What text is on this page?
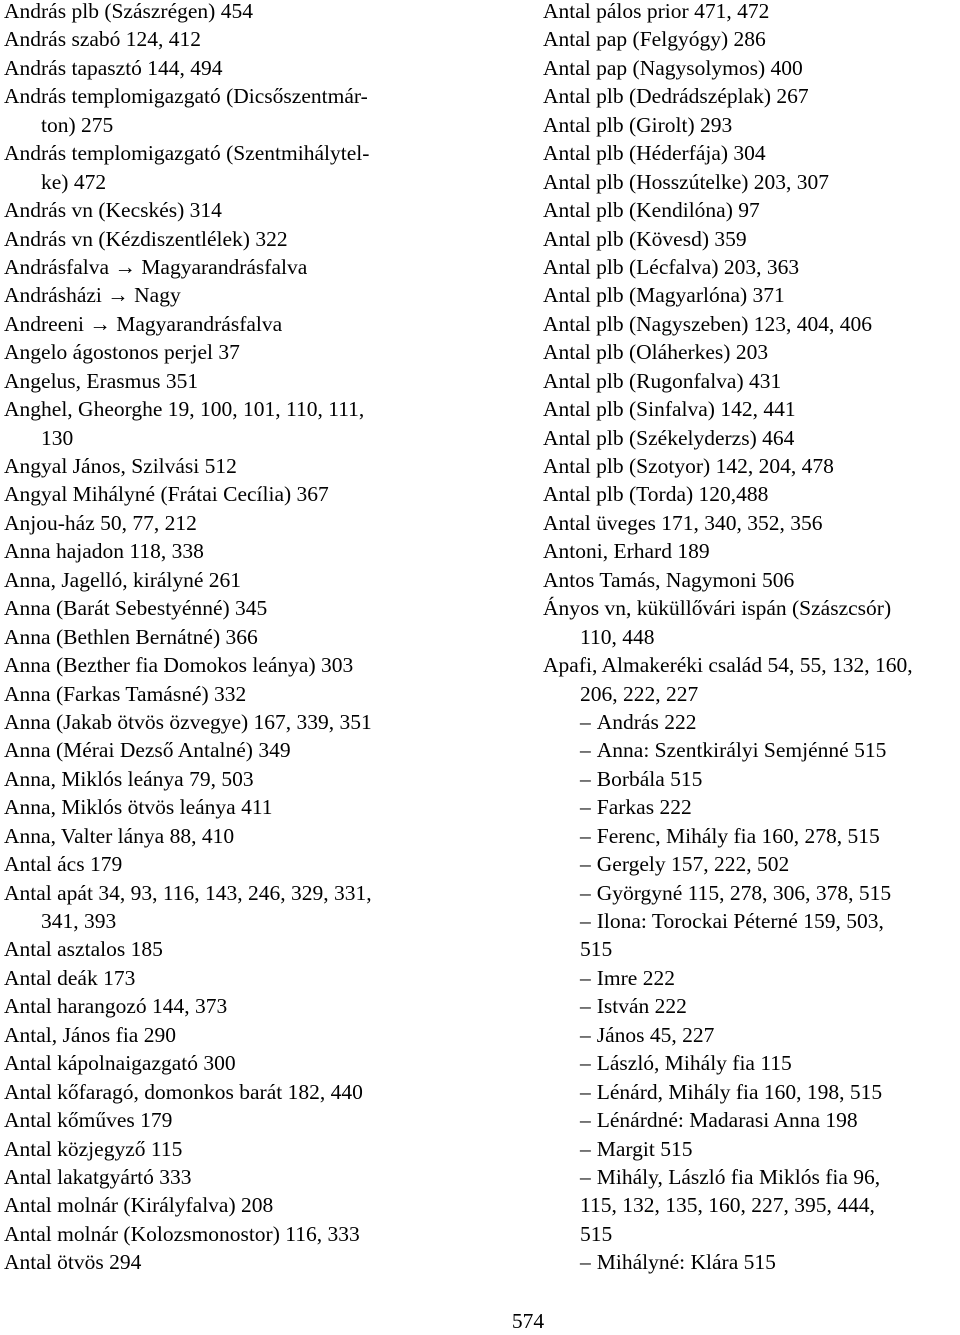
András plb (Szászrégen) 454
András szabó 124, 412
András tapasztó 144, 494
András templomigazgató (Dicsőszentmár-
ton) 275
András templomigazgató (Szentmihálytel-
ke) 472
András vn (Kecskés) 314
András vn (Kézdiszentlélek) 322
Andrásfalva → Magyarandrásfalva
Andrásházi → Nagy
Andreeni → Magyarandrásfalva
Angelo ágostonos perjel 37
Angelus, Erasmus 351
Anghel, Gheorghe 19, 100, 101, 110, 111,
130
Angyal János, Szilvási 512
Angyal Mihályné (Frátai Cecília) 367
Anjou-ház 50, 77, 212
Anna hajadon 118, 338
Anna, Jagelló, királyné 261
Anna (Barát Sebestyénné) 345
Anna (Bethlen Bernátné) 366
Anna (Bezther fia Domokos leánya) 303
Anna (Farkas Tamásné) 332
Anna (Jakab ötvös özvegye) 167, 339, 351
Anna (Mérai Dezső Antalné) 349
Anna, Miklós leánya 79, 503
Anna, Miklós ötvös leánya 411
Anna, Valter lánya 88, 410
Antal ács 179
Antal apát 34, 93, 116, 143, 246, 329, 331,
341, 393
Antal asztalos 185
Antal deák 173
Antal harangozó 144, 373
Antal, János fia 290
Antal kápolnaigazgató 300
Antal kőfaragó, domonkos barát 182, 440
Antal kőműves 179
Antal közjegyző 115
Antal lakatgyártó 333
Antal molnár (Királyfalva) 208
Antal molnár (Kolozsmonostor) 116, 333
Antal ötvös 294
Antal pálos prior 471, 472
Antal pap (Felgyógy) 286
Antal pap (Nagysolymos) 400
Antal plb (Dedrádszéplak) 267
Antal plb (Girolt) 293
Antal plb (Héderfája) 304
Antal plb (Hosszútelke) 203, 307
Antal plb (Kendilóna) 97
Antal plb (Kövesd) 359
Antal plb (Lécfalva) 203, 363
Antal plb (Magyarlóna) 371
Antal plb (Nagyszeben) 123, 404, 406
Antal plb (Oláherkes) 203
Antal plb (Rugonfalva) 431
Antal plb (Sinfalva) 142, 441
Antal plb (Székelyderzs) 464
Antal plb (Szotyor) 142, 204, 478
Antal plb (Torda) 120,488
Antal üveges 171, 340, 352, 356
Antoni, Erhard 189
Antos Tamás, Nagymoni 506
Ányos vn, küküllővári ispán (Szászcsór)
110, 448
Apafi, Almakeréki család 54, 55, 132, 160,
206, 222, 227
– András 222
– Anna: Szentkirályi Semjénné 515
– Borbála 515
– Farkas 222
– Ferenc, Mihály fia 160, 278, 515
– Gergely 157, 222, 502
– Györgyné 115, 278, 306, 378, 515
– Ilona: Torockai Péterné 159, 503,
515
– Imre 222
– István 222
– János 45, 227
– László, Mihály fia 115
– Lénárd, Mihály fia 160, 198, 515
– Lénárdné: Madarasi Anna 198
– Margit 515
– Mihály, László fia Miklós fia 96,
115, 132, 135, 160, 227, 395, 444,
515
– Mihályné: Klára 515
574
